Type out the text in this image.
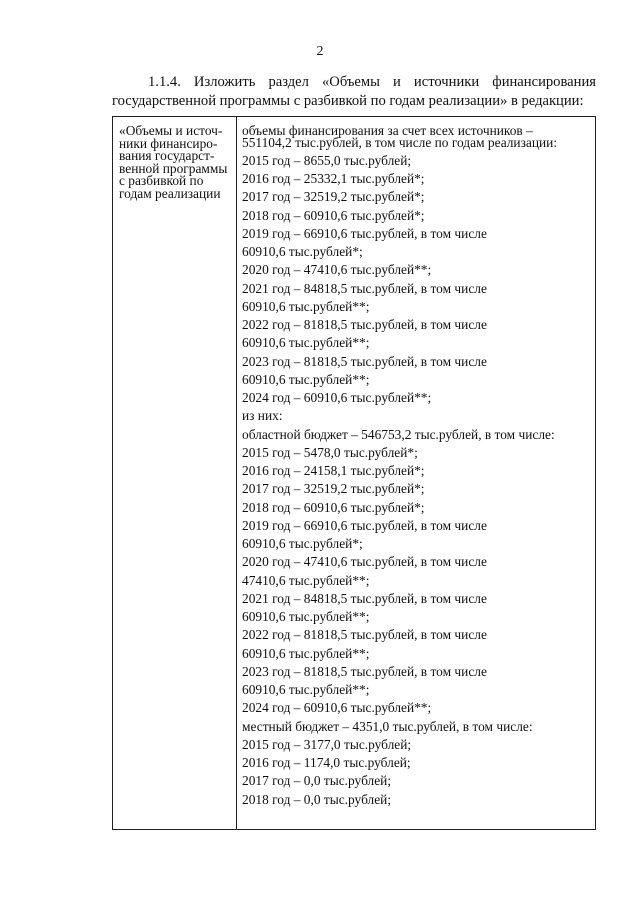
2

1.1.4. Изложить раздел «Объемы и источники финансирования государственной программы с разбивкой по годам реализации» в редакции:

«Объемы и источ-
ники финансиро-
вания государст-
венной программы
с разбивкой по
годам реализации
объемы финансирования за счет всех источников –
551104,2 тыс.рублей, в том числе по годам реализации:
2015 год – 8655,0 тыс.рублей;
2016 год – 25332,1 тыс.рублей*;
2017 год – 32519,2 тыс.рублей*;
2018 год – 60910,6 тыс.рублей*;
2019 год – 66910,6 тыс.рублей, в том числе
60910,6 тыс.рублей*;
2020 год – 47410,6 тыс.рублей**;
2021 год – 84818,5 тыс.рублей, в том числе
60910,6 тыс.рублей**;
2022 год – 81818,5 тыс.рублей, в том числе
60910,6 тыс.рублей**;
2023 год – 81818,5 тыс.рублей, в том числе
60910,6 тыс.рублей**;
2024 год – 60910,6 тыс.рублей**;
из них:
областной бюджет – 546753,2 тыс.рублей, в том числе:
2015 год – 5478,0 тыс.рублей*;
2016 год – 24158,1 тыс.рублей*;
2017 год – 32519,2 тыс.рублей*;
2018 год – 60910,6 тыс.рублей*;
2019 год – 66910,6 тыс.рублей, в том числе
60910,6 тыс.рублей*;
2020 год – 47410,6 тыс.рублей, в том числе
47410,6 тыс.рублей**;
2021 год – 84818,5 тыс.рублей, в том числе
60910,6 тыс.рублей**;
2022 год – 81818,5 тыс.рублей, в том числе
60910,6 тыс.рублей**;
2023 год – 81818,5 тыс.рублей, в том числе
60910,6 тыс.рублей**;
2024 год – 60910,6 тыс.рублей**;
местный бюджет – 4351,0 тыс.рублей, в том числе:
2015 год – 3177,0 тыс.рублей;
2016 год – 1174,0 тыс.рублей;
2017 год – 0,0 тыс.рублей;
2018 год – 0,0 тыс.рублей;
